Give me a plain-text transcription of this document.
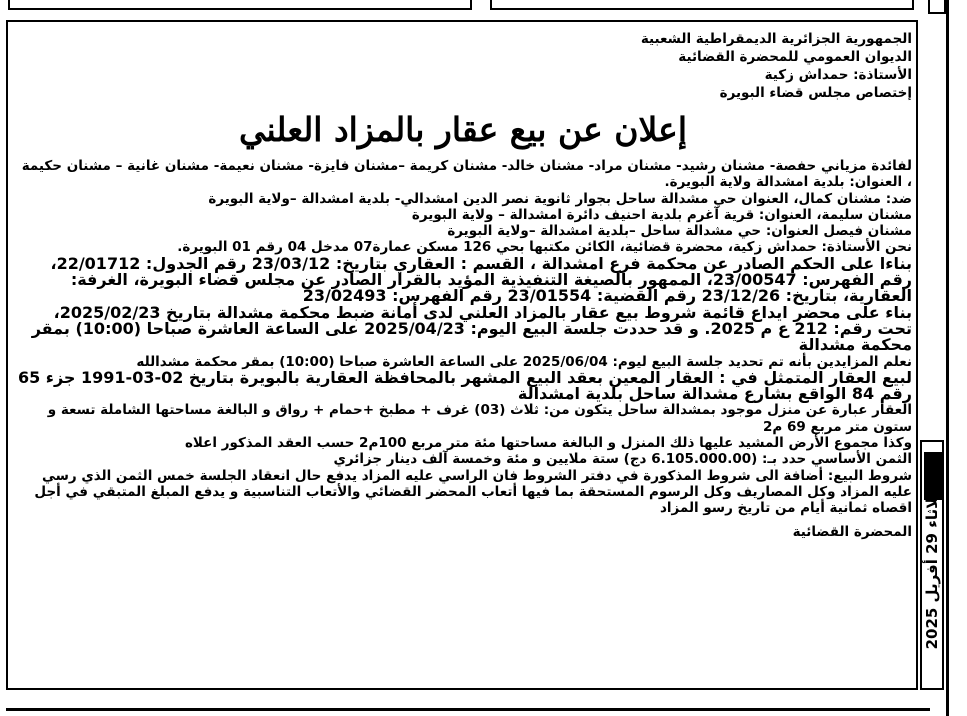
الجمهورية الجزائرية الديمقراطية الشعبية
الديوان العمومي للمحضرة القضائية
الأستاذة: حمداش زكية
إختصاص مجلس قضاء البويرة
إعلان عن بيع عقار بالمزاد العلني
لفائدة مزياني حفصة- مشنان رشيد- مشنان مراد- مشنان خالد- مشنان كريمة –مشنان فايزة- مشنان نعيمة- مشنان غانية – مشنان حكيمة ، العنوان: بلدية امشدالة ولاية البويرة.
ضد: مشنان كمال، العنوان حي مشدالة ساحل بجوار ثانوية نصر الدين امشدالي- بلدية امشدالة –ولاية البويرة
مشنان سليمة، العنوان: قرية آغرم بلدية احنيف دائرة امشدالة – ولاية البويرة
مشنان فيصل العنوان: حي مشدالة ساحل –بلدية امشدالة –ولاية البويرة
نحن الأستاذة: حمداش زكية، محضرة قضائية، الكائن مكتبها بحي 126 مسكن عمارة07 مدخل 04 رقم 01 البويرة.
بناءا على الحكم الصادر عن محكمة فرع امشدالة ، القسم : العقاري بتاريخ: 23/03/12 رقم الجدول: 22/01712، رقم الفهرس: 23/00547، الممهور بالصيغة التنفيذية المؤيد بالقرار الصادر عن مجلس قضاء البويرة، الغرفة: العقارية، بتاريخ: 23/12/26 رقم القضية: 23/01554 رقم الفهرس: 23/02493
بناء على محضر ايداع قائمة شروط بيع عقار بالمزاد العلني لدى أمانة ضبط محكمة مشدالة بتاريخ 2025/02/23، تحت رقم: 212 ع م 2025. و قد حددت جلسة البيع اليوم: 2025/04/23 على الساعة العاشرة صباحا (10:00) بمقر محكمة مشدالة
نعلم المزايدين بأنه تم تحديد جلسة البيع ليوم: 2025/06/04 على الساعة العاشرة صباحا (10:00) بمقر محكمة مشدالله
لبيع العقار المتمثل في : العقار المعين بعقد البيع المشهر بالمحافظة العقارية بالبويرة بتاريخ 02-03-1991 جزء 65 رقم 84 الواقع بشارع مشدالة ساحل بلدية امشدالة
العقار عبارة عن منزل موجود بمشدالة ساحل يتكون من: ثلاث (03) غرف + مطبخ +حمام + رواق و البالغة مساحتها الشاملة تسعة و ستون متر مربع 69 م2
وكذا مجموع الأرض المشيد عليها ذلك المنزل و البالغة مساحتها مئة متر مربع 100م2 حسب العقد المذكور اعلاه
الثمن الأساسي حدد بـ: (6.105.000.00 دج) ستة ملايين و مئة وخمسة آلف دينار جزائري
شروط البيع: أضافة الى شروط المذكورة في دفتر الشروط فان الراسي عليه المزاد يدفع حال انعقاد الجلسة خمس الثمن الذي رسي عليه المزاد وكل المصاريف وكل الرسوم المستحقة بما فيها أتعاب المحضر القضائي والأتعاب التناسبية و يدفع المبلغ المتبقي في أجل اقصاه ثمانية أيام من تاريخ رسو المزاد
المحضرة القضائية
الثلاثاء 29 أفريل 2025
